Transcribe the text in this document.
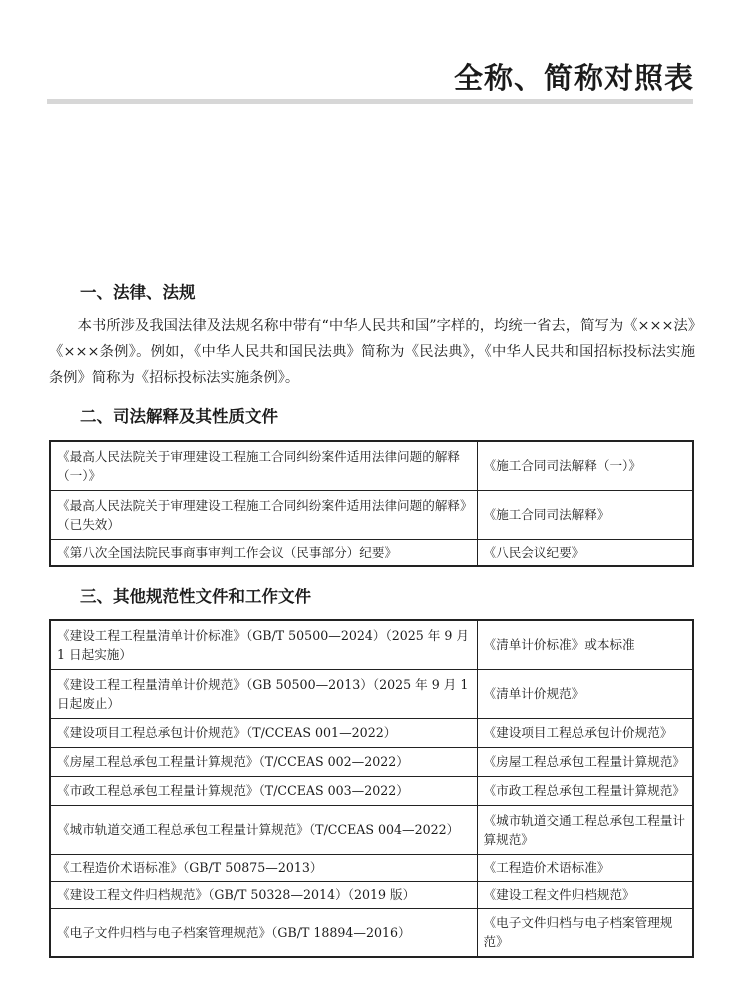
全称、简称对照表
一、法律、法规

本书所涉及我国法律及法规名称中带有“中华人民共和国”字样的，均统一省去，简写为《×××法》《×××条例》。例如，《中华人民共和国民法典》简称为《民法典》，《中华人民共和国招标投标法实施条例》简称为《招标投标法实施条例》。

二、司法解释及其性质文件
《最高人民法院关于审理建设工程施工合同纠纷案件适用法律问题的解释（一）》	《施工合同司法解释（一）》
《最高人民法院关于审理建设工程施工合同纠纷案件适用法律问题的解释》（已失效）	《施工合同司法解释》
《第八次全国法院民事商事审判工作会议（民事部分）纪要》	《八民会议纪要》
三、其他规范性文件和工作文件
《建设工程工程量清单计价标准》（GB/T 50500—2024）（2025 年 9 月 1 日起实施）	《清单计价标准》或本标准
《建设工程工程量清单计价规范》（GB 50500—2013）（2025 年 9 月 1 日起废止）	《清单计价规范》
《建设项目工程总承包计价规范》（T/CCEAS 001—2022）	《建设项目工程总承包计价规范》
《房屋工程总承包工程量计算规范》（T/CCEAS 002—2022）	《房屋工程总承包工程量计算规范》
《市政工程总承包工程量计算规范》（T/CCEAS 003—2022）	《市政工程总承包工程量计算规范》
《城市轨道交通工程总承包工程量计算规范》（T/CCEAS 004—2022）	《城市轨道交通工程总承包工程量计算规范》
《工程造价术语标准》（GB/T 50875—2013）	《工程造价术语标准》
《建设工程文件归档规范》（GB/T 50328—2014）（2019 版）	《建设工程文件归档规范》
《电子文件归档与电子档案管理规范》（GB/T 18894—2016）	《电子文件归档与电子档案管理规范》
